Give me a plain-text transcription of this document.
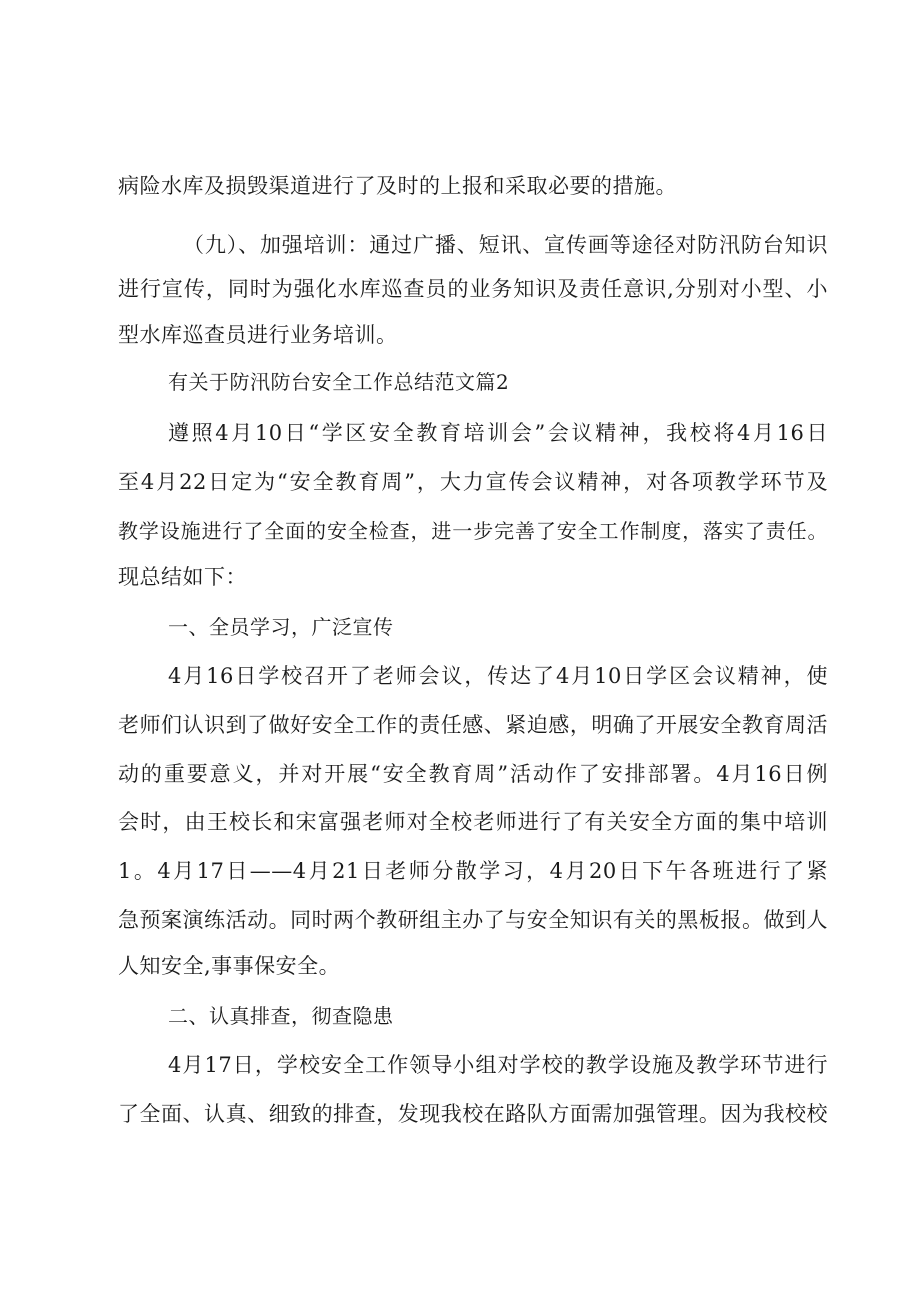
病险水库及损毁渠道进行了及时的上报和采取必要的措施。
（九）、加强培训：通过广播、短讯、宣传画等途径对防汛防台知识
进行宣传，同时为强化水库巡查员的业务知识及责任意识,分别对小型、小
型水库巡查员进行业务培训。
有关于防汛防台安全工作总结范文篇2
遵照4月10日“学区安全教育培训会”会议精神，我校将4月16日
至4月22日定为“安全教育周”，大力宣传会议精神，对各项教学环节及
教学设施进行了全面的安全检查，进一步完善了安全工作制度，落实了责任。
现总结如下：
一、全员学习，广泛宣传
4月16日学校召开了老师会议，传达了4月10日学区会议精神，使
老师们认识到了做好安全工作的责任感、紧迫感，明确了开展安全教育周活
动的重要意义，并对开展“安全教育周”活动作了安排部署。4月16日例
会时，由王校长和宋富强老师对全校老师进行了有关安全方面的集中培训
1。4月17日——4月21日老师分散学习，4月20日下午各班进行了紧
急预案演练活动。同时两个教研组主办了与安全知识有关的黑板报。做到人
人知安全,事事保安全。
二、认真排查，彻查隐患
4月17日，学校安全工作领导小组对学校的教学设施及教学环节进行
了全面、认真、细致的排查，发现我校在路队方面需加强管理。因为我校校
